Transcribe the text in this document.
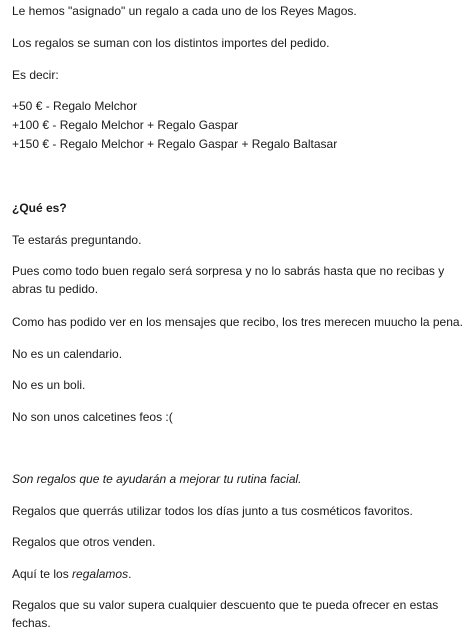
Le hemos "asignado" un regalo a cada uno de los Reyes Magos.

Los regalos se suman con los distintos importes del pedido.

Es decir:

+50 € - Regalo Melchor

+100 € - Regalo Melchor + Regalo Gaspar

+150 € - Regalo Melchor + Regalo Gaspar + Regalo Baltasar

¿Qué es?

Te estarás preguntando.

Pues como todo buen regalo será sorpresa y no lo sabrás hasta que no recibas y abras tu pedido.

Como has podido ver en los mensajes que recibo, los tres merecen muucho la pena.

No es un calendario.

No es un boli.

No son unos calcetines feos :(

Son regalos que te ayudarán a mejorar tu rutina facial.

Regalos que querrás utilizar todos los días junto a tus cosméticos favoritos.

Regalos que otros venden.

Aquí te los regalamos.

Regalos que su valor supera cualquier descuento que te pueda ofrecer en estas fechas.
